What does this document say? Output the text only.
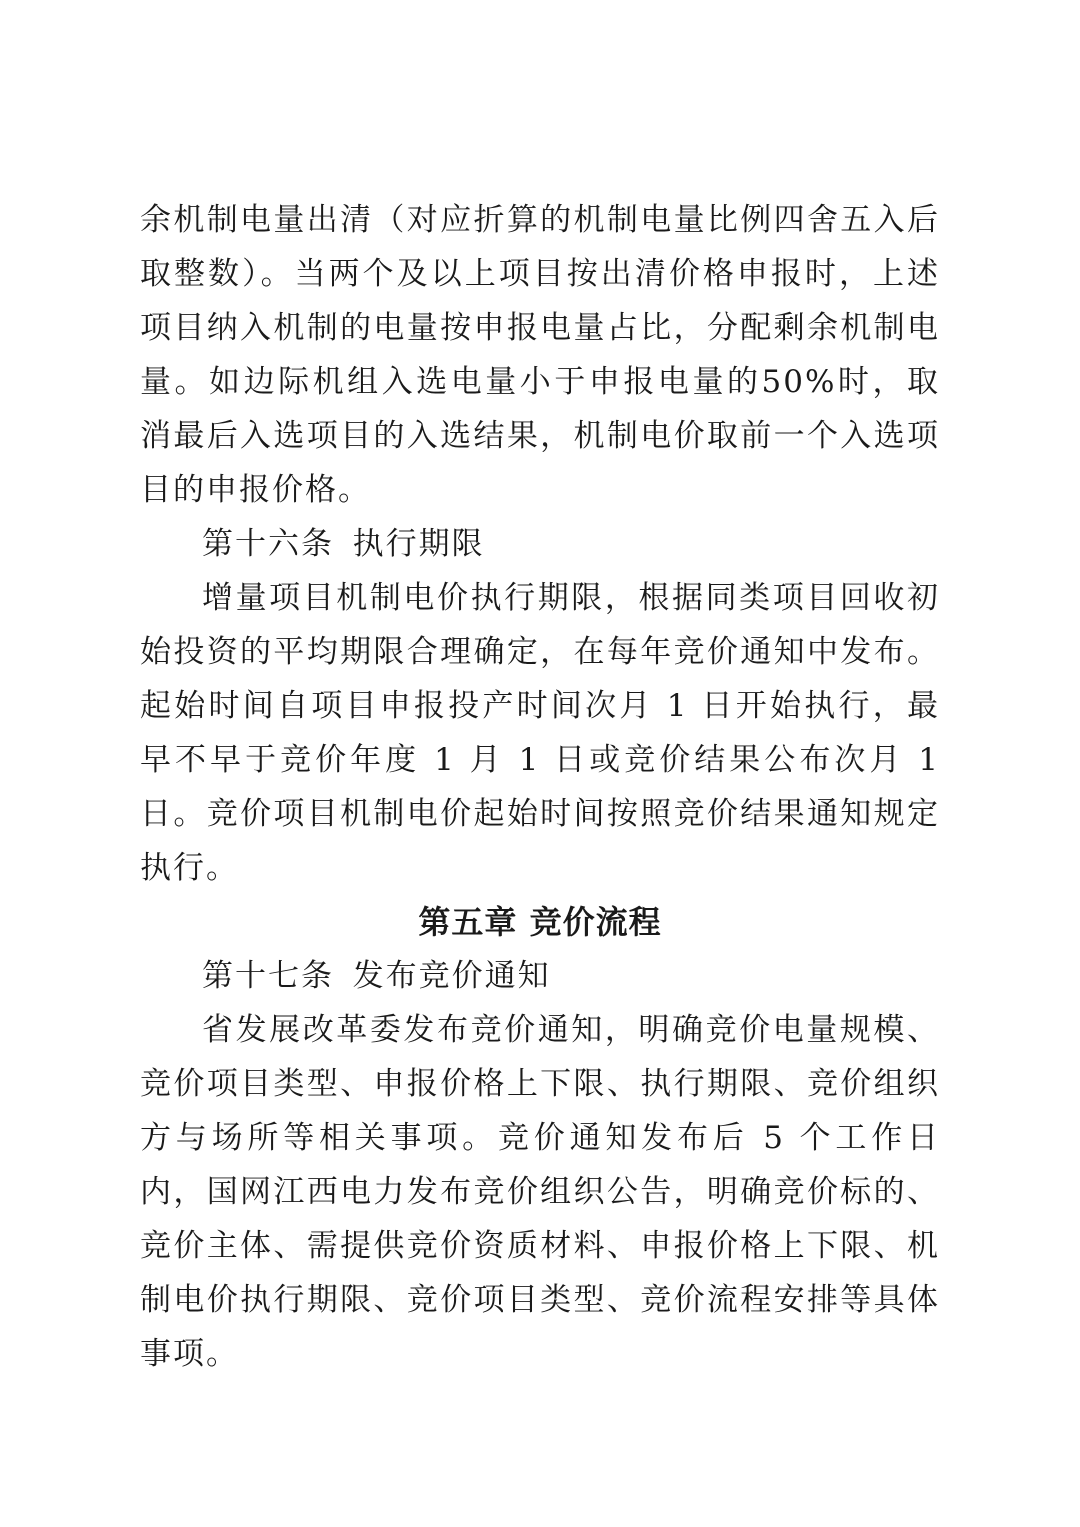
余机制电量出清（对应折算的机制电量比例四舍五入后取整数）。当两个及以上项目按出清价格申报时，上述项目纳入机制的电量按申报电量占比，分配剩余机制电量。如边际机组入选电量小于申报电量的50%时，取消最后入选项目的入选结果，机制电价取前一个入选项目的申报价格。

第十六条 执行期限

增量项目机制电价执行期限，根据同类项目回收初始投资的平均期限合理确定，在每年竞价通知中发布。起始时间自项目申报投产时间次月 1 日开始执行，最早不早于竞价年度 1 月 1 日或竞价结果公布次月 1 日。竞价项目机制电价起始时间按照竞价结果通知规定执行。

第五章 竞价流程
第十七条 发布竞价通知

省发展改革委发布竞价通知，明确竞价电量规模、竞价项目类型、申报价格上下限、执行期限、竞价组织方与场所等相关事项。竞价通知发布后 5 个工作日内，国网江西电力发布竞价组织公告，明确竞价标的、竞价主体、需提供竞价资质材料、申报价格上下限、机制电价执行期限、竞价项目类型、竞价流程安排等具体事项。
